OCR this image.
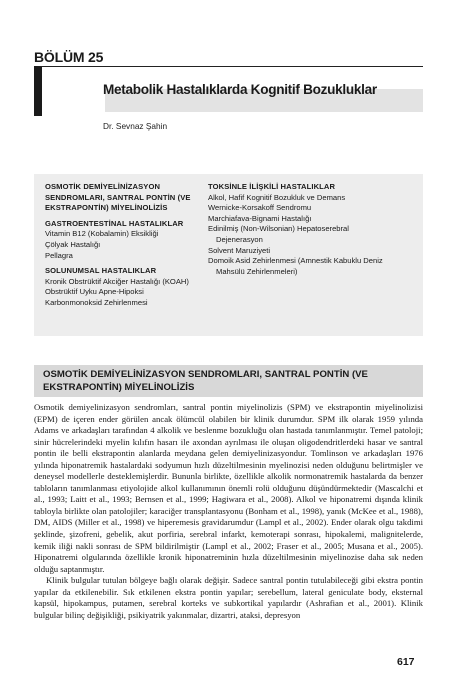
BÖLÜM 25
Metabolik Hastalıklarda Kognitif Bozukluklar
Dr. Sevnaz Şahin
OSMOTİK DEMİYELİNİZASYON SENDROMLARI, SANTRAL PONTİN (VE EKSTRAPONTİN) MİYELİNOLİZİS
GASTROENTESTİNAL HASTALIKLAR
Vitamin B12 (Kobalamin) Eksikliği
Çölyak Hastalığı
Pellagra
SOLUNUMSAL HASTALIKLAR
Kronik Obstrüktif Akciğer Hastalığı (KOAH)
Obstrüktif Uyku Apne-Hipoksi
Karbonmonoksid Zehirlenmesi
TOKSİNLE İLİŞKİLİ HASTALIKLAR
Alkol, Hafif Kognitif Bozukluk ve Demans
Wernicke-Korsakoff Sendromu
Marchiafava-Bignami Hastalığı
Edinilmiş (Non-Wilsonian) Hepatoserebral
Dejenerasyon
Solvent Maruziyeti
Domoik Asid Zehirlenmesi (Amnestik Kabuklu Deniz
Mahsülü Zehirlenmeleri)
OSMOTİK DEMİYELİNİZASYON SENDROMLARI, SANTRAL PONTİN (VE EKSTRAPONTİN) MİYELİNOLİZİS

Osmotik demiyelinizasyon sendromları, santral pontin miyelinolizis (SPM) ve ekstrapontin miyelinolizisi (EPM) de içeren ender görülen ancak ölümcül olabilen bir klinik durumdur. SPM ilk olarak 1959 yılında Adams ve arkadaşları tarafından 4 alkolik ve beslenme bozukluğu olan hastada tanımlanmıştır. Temel patoloji; sinir hücrelerindeki myelin kılıfın hasarı ile axondan ayrılması ile oluşan oligodendritlerdeki hasar ve santral pontin ile belli ekstrapontin alanlarda meydana gelen demiyelinizasyondur. Tomlinson ve arkadaşları 1976 yılında hiponatremik hastalardaki sodyumun hızlı düzeltilmesinin myelinozisi neden olduğunu belirtmişler ve deneysel modellerle desteklemişlerdir. Bununla birlikte, özellikle alkolik normonatremik hastalarda da benzer tabloların tanımlanması etiyolojide alkol kullanımının önemli rolü olduğunu düşündürmektedir (Mascalchi et al., 1993; Laitt et al., 1993; Bernsen et al., 1999; Hagiwara et al., 2008). Alkol ve hiponatremi dışında klinik tabloyla birlikte olan patolojiler; karaciğer transplantasyonu (Bonham et al., 1998), yanık (McKee et al., 1988), DM, AIDS (Miller et al., 1998) ve hiperemesis gravidarumdur (Lampl et al., 2002). Ender olarak olgu takdimi şeklinde, şizofreni, gebelik, akut porfiria, serebral infarkt, kemoterapi sonrası, hipokalemi, malignitelerde, kemik iliği nakli sonrası de SPM bildirilmiştir (Lampl et al., 2002; Fraser et al., 2005; Musana et al., 2005). Hiponatremi olgularında özellikle kronik hiponatreminin hızla düzeltilmesinin miyelinozise daha sık neden olduğu saptanmıştır.

Klinik bulgular tutulan bölgeye bağlı olarak değişir. Sadece santral pontin tutulabileceği gibi ekstra pontin yapılar da etkilenebilir. Sık etkilenen ekstra pontin yapılar; serebellum, lateral geniculate body, eksternal kapsül, hipokampus, putamen, serebral korteks ve subkortikal yapılardır (Ashrafian et al., 2001). Klinik bulgular bilinç değişikliği, psikiyatrik yakınmalar, dizartri, ataksi, depresyon

617
